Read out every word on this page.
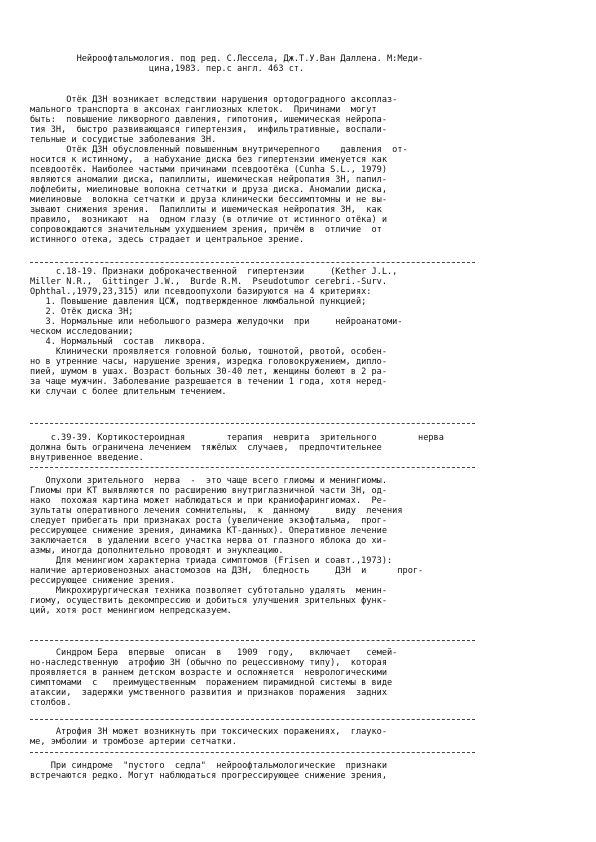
Нейроофтальмология. под ред. С.Лессела, Дж.Т.У.Ван Даллена. М:Меди-
цина,1983. пер.с англ. 463 ст.

Отёк ДЗН возникает вследствии нарушения ортодоградного аксоплаз-
мального транспорта в аксонах ганглиозных клеток.  Причинами  могут
быть:  повышение ликворного давления, гипотония, ишемическая нейропа-
тия ЗН,  быстро развивающаяся гипертензия,  инфильтративные, воспали-
тельные и сосудистые заболевания ЗН.
Отёк ДЗН обусловленный повышенным внутричерепного    давления  от-
носится к истинному,  а набухание диска без гипертензии именуется как
псевдоотёк. Наиболее частыми причинами псевдоотёка (Cunha S.L., 1979)
являются аномалии диска, папиллиты, ишемическая нейропатия ЗН, папил-
лофлебиты, миелиновые волокна сетчатки и друза диска. Аномалии диска,
миелиновые  волокна сетчатки и друза клинически бессимптомны и не вы-
зывают снижения зрения.  Папиллиты и ишемическая нейропатия ЗН,  как
правило,  возникают  на  одном глазу (в отличие от истинного отёка) и
сопровождаются значительным ухудшением зрения, причём в  отличие  от
истинного отека, здесь страдает и центральное зрение.

с.18-19. Признаки доброкачественной  гипертензии     (Kether J.L.,
Miller N.R.,  Gittinger J.W.,  Burde R.M.  Pseudotumor cerebri.-Surv.
Ophthal.,1979,23,315) или псевдоопухоли базируются на 4 критериях:
1. Повышение давления ЦСЖ, подтвержденное люмбальной пункцией;
2. Отёк диска ЗН;
3. Нормальные или небольшого размера желудочки  при     нейроанатоми-
ческом исследовании;
4. Нормальный  состав  ликвора.
Клинически проявляется головной болью, тошнотой, рвотой, особен-
но в утренние часы, нарушение зрения, изредка головокружением, дипло-
пией, шумом в ушах. Возраст больных 30-40 лет, женщины болеют в 2 ра-
за чаще мужчин. Заболевание разрешается в течении 1 года, хотя неред-
ки случаи с более длительным течением.

с.39-39. Кортикостероидная        терапия  неврита  зрительного        нерва
должна быть ограничена лечением  тяжёлых  случаев,  предпочтительнее
внутривенное введение.

Опухоли зрительного  нерва  -  это чаще всего глиомы и менингиомы.
Глиомы при КТ выявляются по расширению внутриглазничной части ЗН, од-
нако  похожая картина может наблюдаться и при краниофарингиомах.  Ре-
зультаты оперативного лечения сомнительны,  к  данному     виду  лечения
следует прибегать при признаках роста (увеличение экзофтальма,  прог-
рессирующее снижение зрения, динамика КТ-данных). Оперативное лечение
заключается  в удалении всего участка нерва от глазного яблока до хи-
азмы, иногда дополнительно проводят и энуклеацию.
Для менингиом характерна триада симптомов (Frisen и соавт.,1973):
наличие артериовенозных анастомозов на ДЗН,  бледность     ДЗН  и      прог-
рессирующее снижение зрения.
Микрохирургическая техника позволяет субтотально удалять  менин-
гиому, осуществить декомпрессию и добиться улучшения зрительных функ-
ций, хотя рост менингиом непредсказуем.

Синдром Бера  впервые  описан  в   1909  году,   включает   семей-
но-наследственную  атрофию ЗН (обычно по рецессивному типу),  которая
проявляется в раннем детском возрасте и осложняется  неврологическими
симптомами  с   преимущественным  поражением пирамидной системы в виде
атаксии,  задержки умственного развития и признаков поражения  задних
столбов.

Атрофия ЗН может возникнуть при токсических поражениях,  глауко-
ме, эмболии и тромбозе артерии сетчатки.

При синдроме  "пустого  седла"  нейроофтальмологические  признаки
встречаются редко. Могут наблюдаться прогрессирующее снижение зрения,
